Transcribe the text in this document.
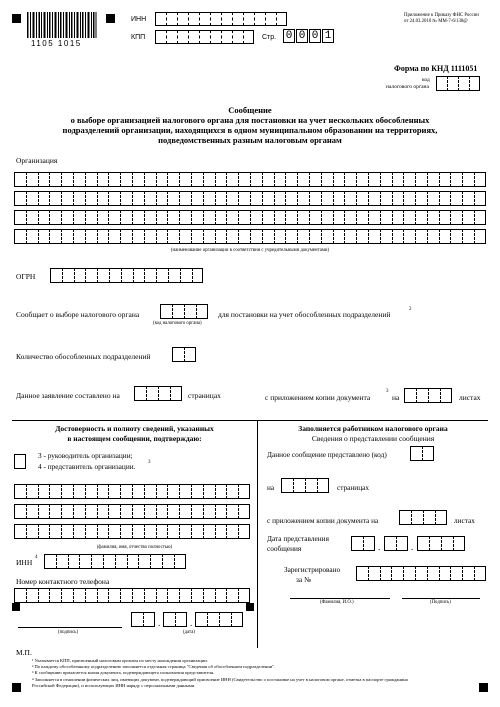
1105 1015
ИНН
КПП	Стр. 0 0 0 1
Приложение к Приказу ФНС России
от 24.03.2010 № ММ-7-6/138@
Форма по КНД 1111051
код
налогового органа
Сообщение
о выборе организацией налогового органа для постановки на учет нескольких обособленных
подразделений организации, находящихся в одном муниципальном образовании на территориях,
подведомственных разным налоговым органам
Организация
(наименование организации в соответствии с учредительными документами)
ОГРН
Сообщает о выборе налогового органа	для постановки на учет обособленных подразделений
2
(код налогового органа)
Количество обособленных подразделений
Данное заявление составлено на	страницах	с приложением копии документа
3
на	листах
Достоверность и полноту сведений, указанных
в настоящем сообщении, подтверждаю:
3 - руководитель организации;
4 - представитель организации.	3
(фамилия, имя, отчество полностью)
ИНН
4
Номер контактного телефона
(подпись)
.	.
(дата)
М.П.
Заполняется работником налогового органа
Сведения о представлении сообщения
Данное сообщение представлено (код)
на	страницах
с приложением копии документа на	листах
Дата представления
сообщения	.	.
Зарегистрировано
за №
(Фамилия, И.О.)	(Подпись)
¹ Указывается КПП, присвоенный налоговым органом по месту нахождения организации.
² По каждому обособленному подразделению заполняется отдельная страница "Сведения об обособленном подразделении".
³ К сообщению прилагается копия документа, подтверждающего полномочия представителя.
⁴ Заполняется в отношении физических лиц, имеющих документ, подтверждающий присвоение ИНН (Свидетельство о постановке на учет в налоговом органе, отметка в паспорте гражданина
Российской Федерации), и использующих ИНН наряду с персональными данными.
